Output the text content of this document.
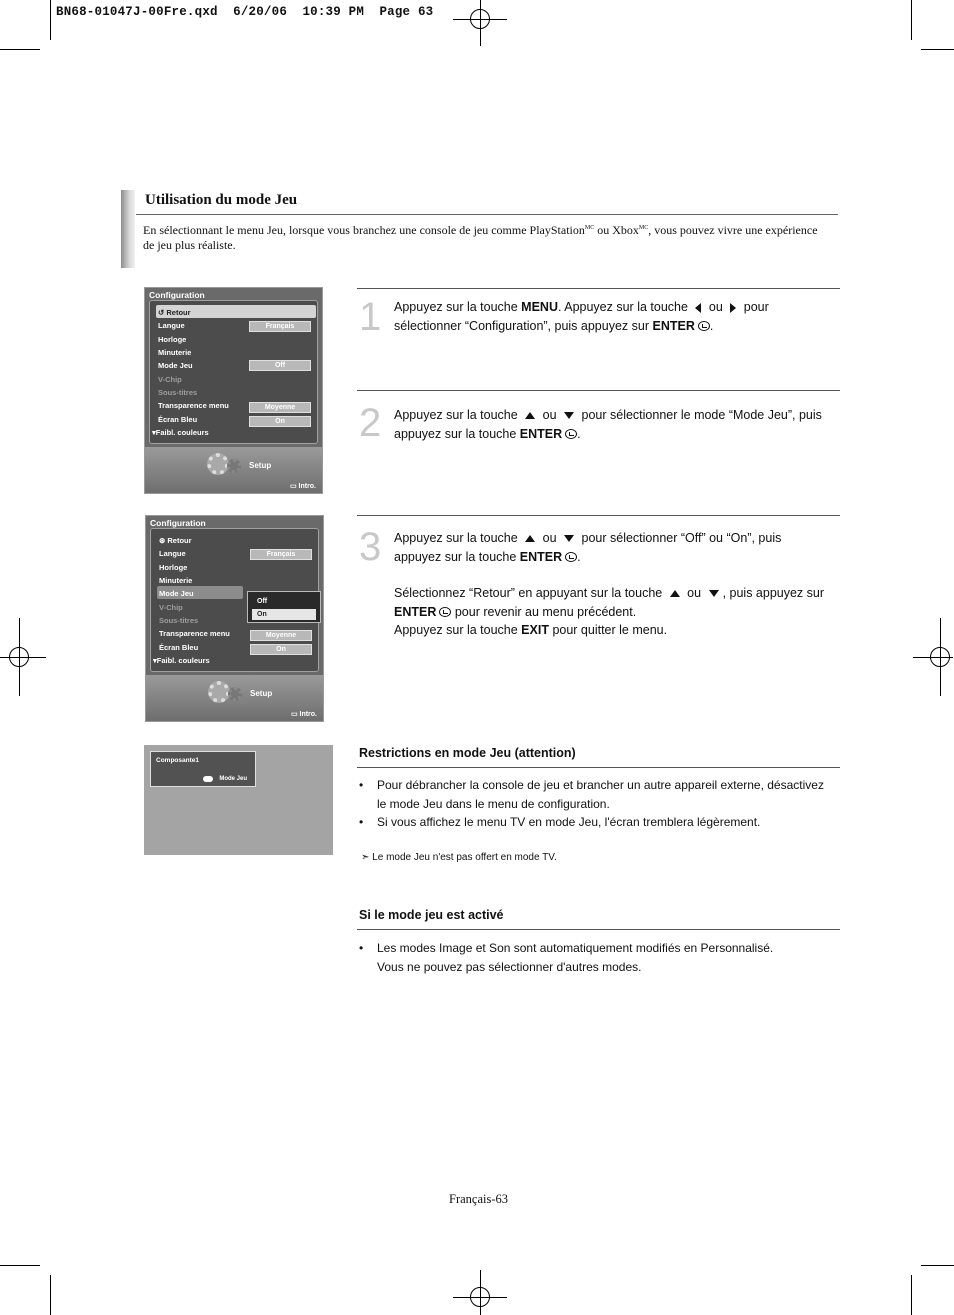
BN68-01047J-00Fre.qxd  6/20/06  10:39 PM  Page 63
Utilisation du mode Jeu
En sélectionnant le menu Jeu, lorsque vous branchez une console de jeu comme PlayStation$^{MC}$ ou Xbox$^{MC}$, vous pouvez vivre une expérience de jeu plus réaliste.
Configuration
↺ Retour
Langue	Français
Horloge
Minuterie
Mode Jeu	Off
V-Chip
Sous-titres
Transparence menu	Moyenne
Écran Bleu	On
▾Faibl. couleurs
Setup
▭ Intro.
Configuration
⊛ Retour
Langue	Français
Horloge
Minuterie
Mode Jeu
V-Chip
Sous-titres
Transparence menu	Moyenne
Écran Bleu	On
▾Faibl. couleurs
Off
On
Setup
▭ Intro.
Composante1
Mode Jeu
1 Appuyez sur la touche MENU. Appuyez sur la touche  ou  pour sélectionner “Configuration”, puis appuyez sur ENTER .
2 Appuyez sur la touche  ou  pour sélectionner le mode “Mode Jeu”, puis appuyez sur la touche ENTER .
3 Appuyez sur la touche  ou  pour sélectionner “Off” ou “On”, puis appuyez sur la touche ENTER .
Sélectionnez “Retour” en appuyant sur la touche  ou , puis appuyez sur ENTER pour revenir au menu précédent.
Appuyez sur la touche EXIT pour quitter le menu.
Restrictions en mode Jeu (attention)
• Pour débrancher la console de jeu et brancher un autre appareil externe, désactivez le mode Jeu dans le menu de configuration.
• Si vous affichez le menu TV en mode Jeu, l'écran tremblera légèrement.
➣ Le mode Jeu n'est pas offert en mode TV.
Si le mode jeu est activé
• Les modes Image et Son sont automatiquement modifiés en Personnalisé. Vous ne pouvez pas sélectionner d'autres modes.
Français-63
